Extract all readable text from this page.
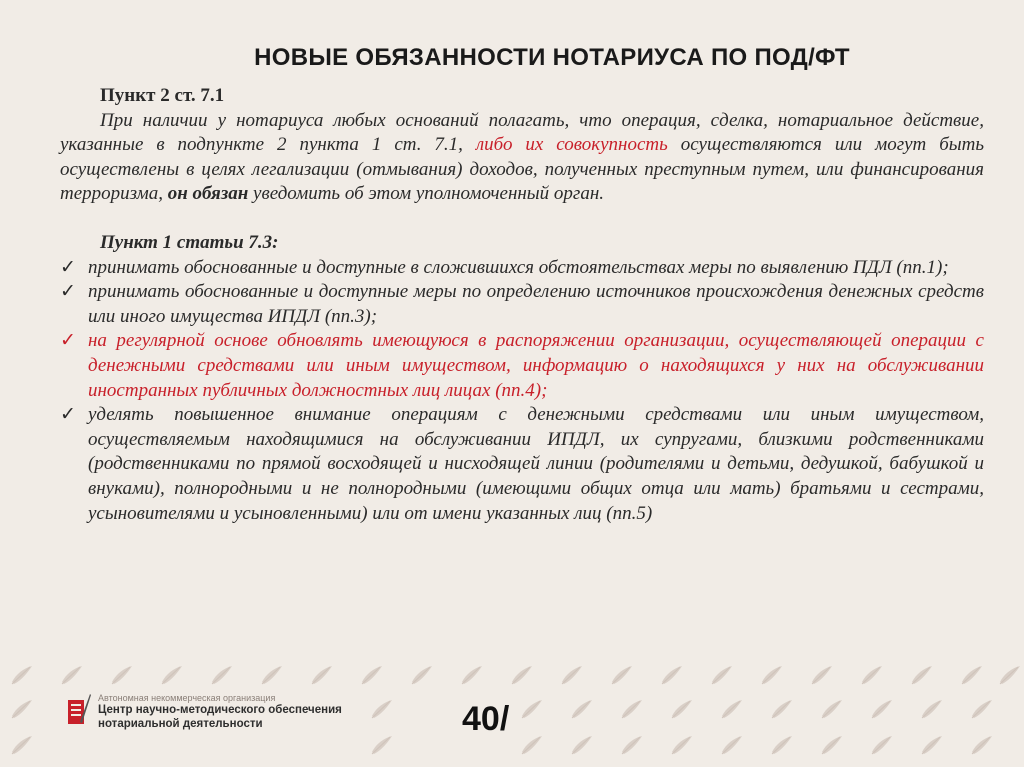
НОВЫЕ ОБЯЗАННОСТИ НОТАРИУСА ПО ПОД/ФТ
Пункт 2 ст. 7.1
При наличии у нотариуса любых оснований полагать, что операция, сделка, нотариальное действие, указанные в подпункте 2 пункта 1 ст. 7.1, либо их совокупность осуществляются или могут быть осуществлены в целях легализации (отмывания) доходов, полученных преступным путем, или финансирования терроризма, он обязан уведомить об этом уполномоченный орган.
Пункт 1 статьи 7.3:
✓ принимать обоснованные и доступные в сложившихся обстоятельствах меры по выявлению ПДЛ (пп.1);
✓ принимать обоснованные и доступные меры по определению источников происхождения денежных средств или иного имущества ИПДЛ (пп.3);
✓ на регулярной основе обновлять имеющуюся в распоряжении организации, осуществляющей операции с денежными средствами или иным имуществом, информацию о находящихся у них на обслуживании иностранных публичных должностных лиц лицах (пп.4);
✓ уделять повышенное внимание операциям с денежными средствами или иным имуществом, осуществляемым находящимися на обслуживании ИПДЛ, их супругами, близкими родственниками (родственниками по прямой восходящей и нисходящей линии (родителями и детьми, дедушкой, бабушкой и внуками), полнородными и не полнородными (имеющими общих отца или мать) братьями и сестрами, усыновителями и усыновленными) или от имени указанных лиц (пп.5)
Автономная некоммерческая организация
Центр научно-методического обеспечения
нотариальной деятельности	40/
